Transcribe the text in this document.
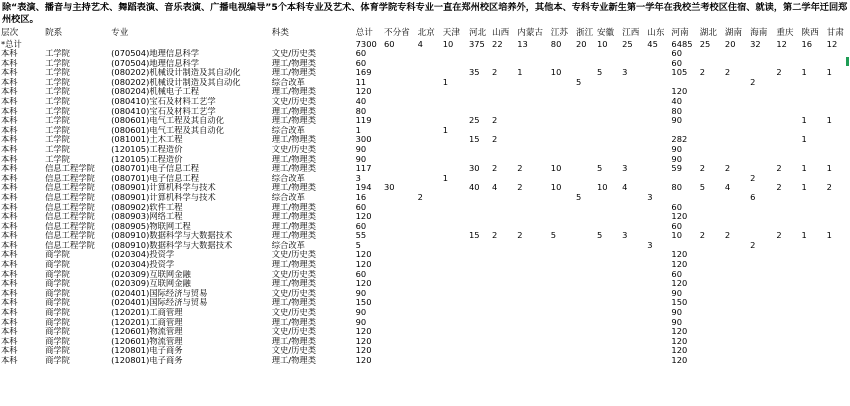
除“表演、播音与主持艺术、舞蹈表演、音乐表演、广播电视编导”5个本科专业及艺术、体育学院专科专业一直在郑州校区培养外，其他本、专科专业新生第一学年在我校兰考校区住宿、就读，第二学年迁回郑州校区。
层次	院系	专业	科类	总计	不分省	北京	天津	河北	山西	内蒙古	江苏	浙江	安徽	江西	山东	河南	湖北	湖南	海南	重庆	陕西	甘肃
*总计				7300	60	4	10	375	22	13	80	20	10	25	45	6485	25	20	32	12	16	12
本科	工学院	(070504)地理信息科学	文史/历史类	60												60						
本科	工学院	(070504)地理信息科学	理工/物理类	60												60						
本科	工学院	(080202)机械设计制造及其自动化	理工/物理类	169				35	2	1	10		5	3		105	2	2		2	1	1
本科	工学院	(080202)机械设计制造及其自动化	综合改革	11			1					5							2			
本科	工学院	(080204)机械电子工程	理工/物理类	120												120						
本科	工学院	(080410)宝石及材料工艺学	文史/历史类	40												40						
本科	工学院	(080410)宝石及材料工艺学	理工/物理类	80												80						
本科	工学院	(080601)电气工程及其自动化	理工/物理类	119				25	2							90					1	1
本科	工学院	(080601)电气工程及其自动化	综合改革	1			1															
本科	工学院	(081001)土木工程	理工/物理类	300				15	2							282					1	
本科	工学院	(120105)工程造价	文史/历史类	90												90						
本科	工学院	(120105)工程造价	理工/物理类	90												90						
本科	信息工程学院	(080701)电子信息工程	理工/物理类	117				30	2	2	10		5	3		59	2	2		2	1	1
本科	信息工程学院	(080701)电子信息工程	综合改革	3			1												2			
本科	信息工程学院	(080901)计算机科学与技术	理工/物理类	194	30			40	4	2	10		10	4		80	5	4		2	1	2
本科	信息工程学院	(080901)计算机科学与技术	综合改革	16		2						5			3				6			
本科	信息工程学院	(080902)软件工程	理工/物理类	60												60						
本科	信息工程学院	(080903)网络工程	理工/物理类	120												120						
本科	信息工程学院	(080905)物联网工程	理工/物理类	60												60						
本科	信息工程学院	(080910)数据科学与大数据技术	理工/物理类	55				15	2	2	5		5	3		10	2	2		2	1	1
本科	信息工程学院	(080910)数据科学与大数据技术	综合改革	5											3				2			
本科	商学院	(020304)投资学	文史/历史类	120												120						
本科	商学院	(020304)投资学	理工/物理类	120												120						
本科	商学院	(020309)互联网金融	文史/历史类	60												60						
本科	商学院	(020309)互联网金融	理工/物理类	120												120						
本科	商学院	(020401)国际经济与贸易	文史/历史类	90												90						
本科	商学院	(020401)国际经济与贸易	理工/物理类	150												150						
本科	商学院	(120201)工商管理	文史/历史类	90												90						
本科	商学院	(120201)工商管理	理工/物理类	90												90						
本科	商学院	(120601)物流管理	文史/历史类	120												120						
本科	商学院	(120601)物流管理	理工/物理类	120												120						
本科	商学院	(120801)电子商务	文史/历史类	120												120						
本科	商学院	(120801)电子商务	理工/物理类	120												120						
